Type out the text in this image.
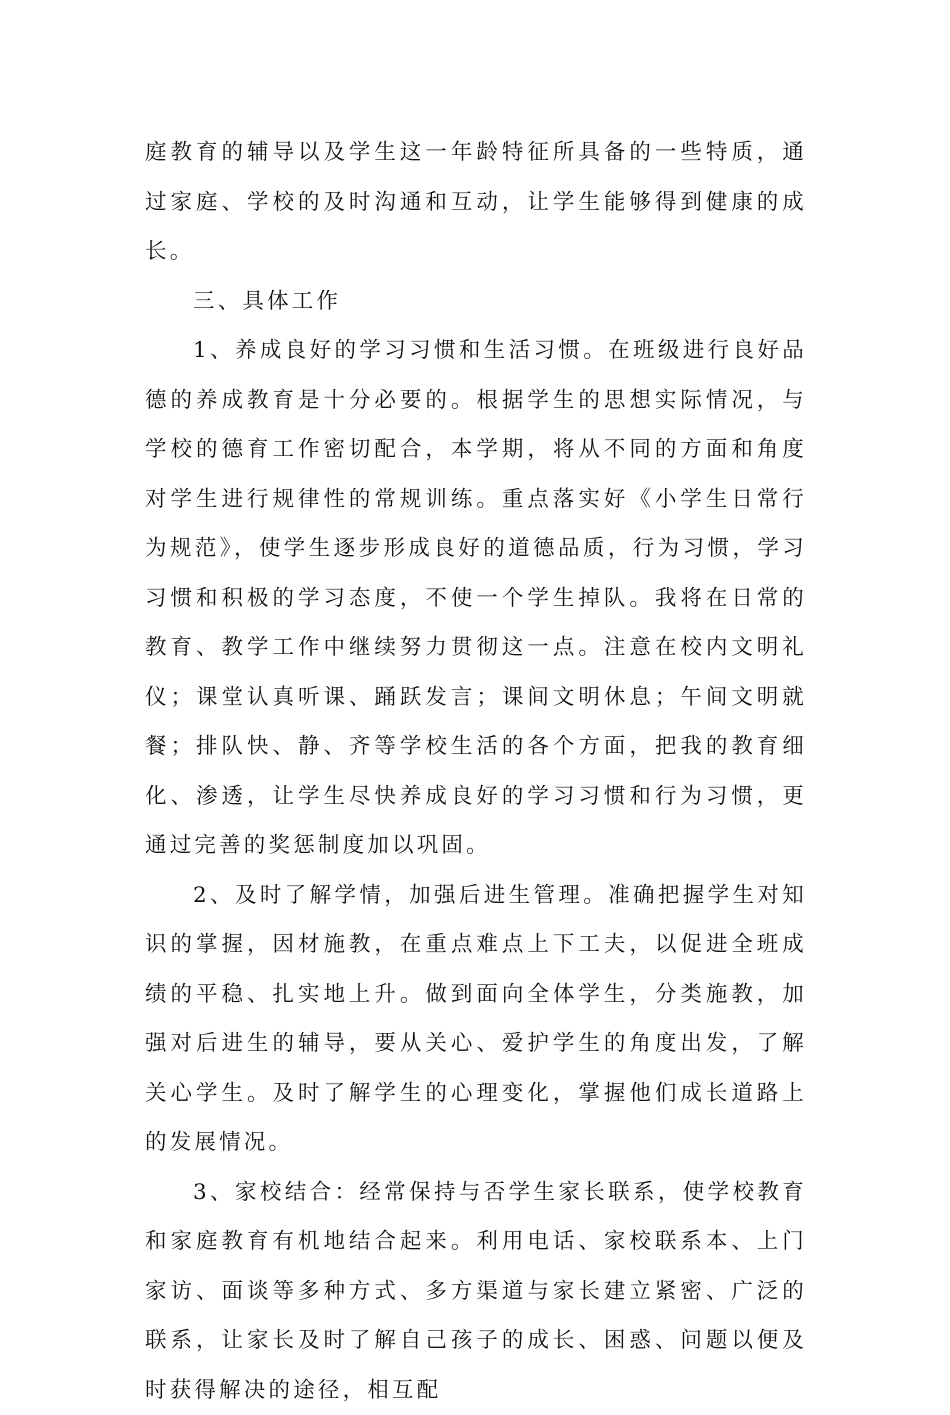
庭教育的辅导以及学生这一年龄特征所具备的一些特质，通过家庭、学校的及时沟通和互动，让学生能够得到健康的成长。

三、具体工作

1、养成良好的学习习惯和生活习惯。在班级进行良好品德的养成教育是十分必要的。根据学生的思想实际情况，与学校的德育工作密切配合，本学期，将从不同的方面和角度对学生进行规律性的常规训练。重点落实好《小学生日常行为规范》，使学生逐步形成良好的道德品质，行为习惯，学习习惯和积极的学习态度，不使一个学生掉队。我将在日常的教育、教学工作中继续努力贯彻这一点。注意在校内文明礼仪；课堂认真听课、踊跃发言；课间文明休息；午间文明就餐；排队快、静、齐等学校生活的各个方面，把我的教育细化、渗透，让学生尽快养成良好的学习习惯和行为习惯，更通过完善的奖惩制度加以巩固。

2、及时了解学情，加强后进生管理。准确把握学生对知识的掌握，因材施教，在重点难点上下工夫，以促进全班成绩的平稳、扎实地上升。做到面向全体学生，分类施教，加强对后进生的辅导，要从关心、爱护学生的角度出发，了解关心学生。及时了解学生的心理变化，掌握他们成长道路上的发展情况。

3、家校结合：经常保持与否学生家长联系，使学校教育和家庭教育有机地结合起来。利用电话、家校联系本、上门家访、面谈等多种方式、多方渠道与家长建立紧密、广泛的联系，让家长及时了解自己孩子的成长、困惑、问题以便及时获得解决的途径，相互配
